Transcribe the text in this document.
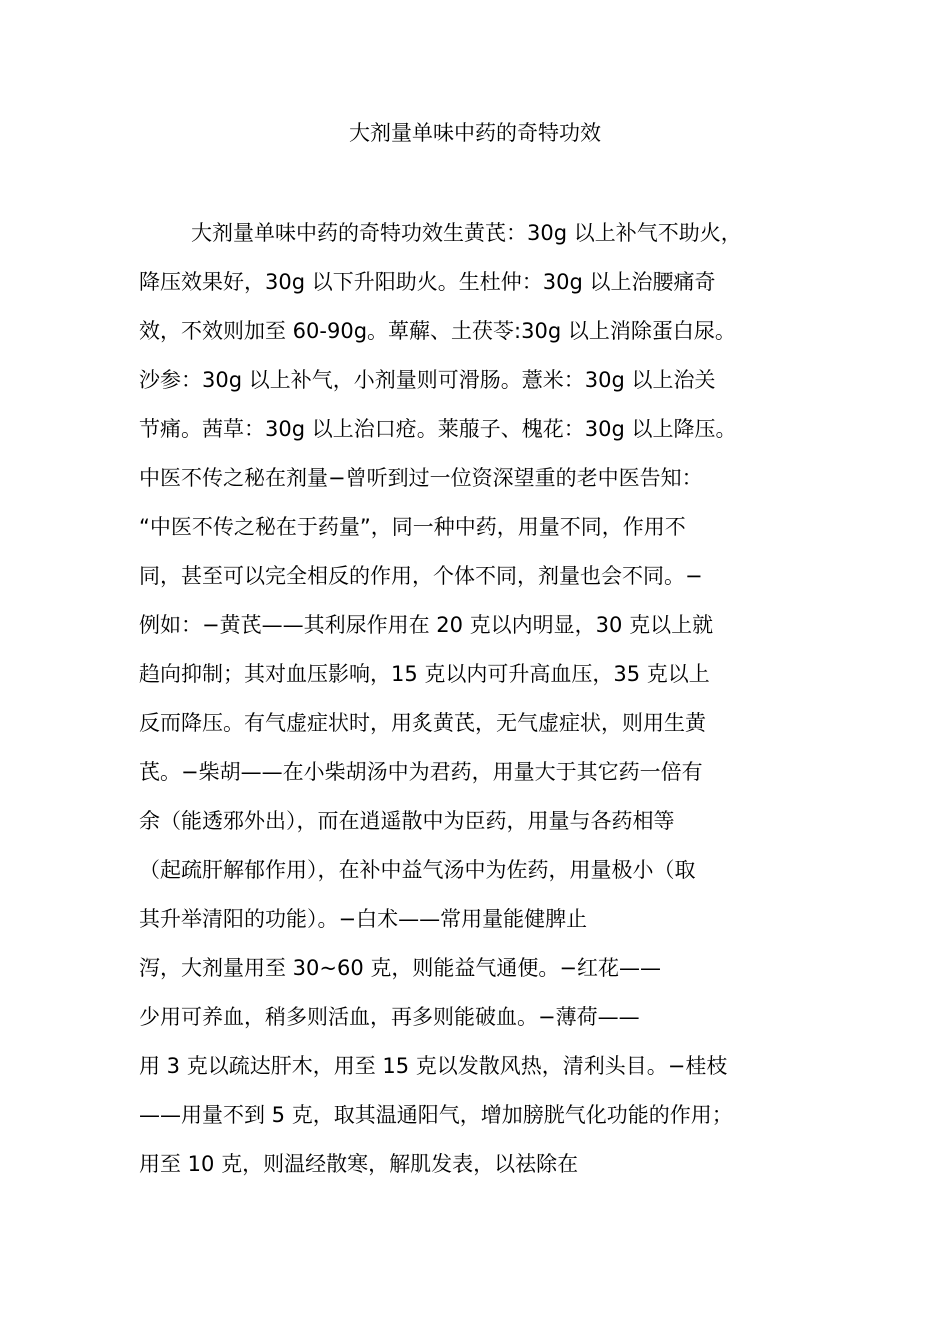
大剂量单味中药的奇特功效
大剂量单味中药的奇特功效生黄芪：30g 以上补气不助火，
降压效果好，30g 以下升阳助火。生杜仲：30g 以上治腰痛奇
效，不效则加至 60-90g。萆薢、土茯苓:30g 以上消除蛋白尿。
沙参：30g 以上补气，小剂量则可滑肠。薏米：30g 以上治关
节痛。茜草：30g 以上治口疮。莱菔子、槐花：30g 以上降压。
中医不传之秘在剂量−曾听到过一位资深望重的老中医告知：
“中医不传之秘在于药量”，同一种中药，用量不同，作用不
同，甚至可以完全相反的作用，个体不同，剂量也会不同。−
例如：−黄芪——其利尿作用在 20 克以内明显，30 克以上就
趋向抑制；其对血压影响，15 克以内可升高血压，35 克以上
反而降压。有气虚症状时，用炙黄芪，无气虚症状，则用生黄
芪。−柴胡——在小柴胡汤中为君药，用量大于其它药一倍有
余（能透邪外出），而在逍遥散中为臣药，用量与各药相等
（起疏肝解郁作用），在补中益气汤中为佐药，用量极小（取
其升举清阳的功能）。−白术——常用量能健脾止
泻，大剂量用至 30~60 克，则能益气通便。−红花——
少用可养血，稍多则活血，再多则能破血。−薄荷——
用 3 克以疏达肝木，用至 15 克以发散风热，清利头目。−桂枝
——用量不到 5 克，取其温通阳气，增加膀胱气化功能的作用；
用至 10 克，则温经散寒，解肌发表，以祛除在
